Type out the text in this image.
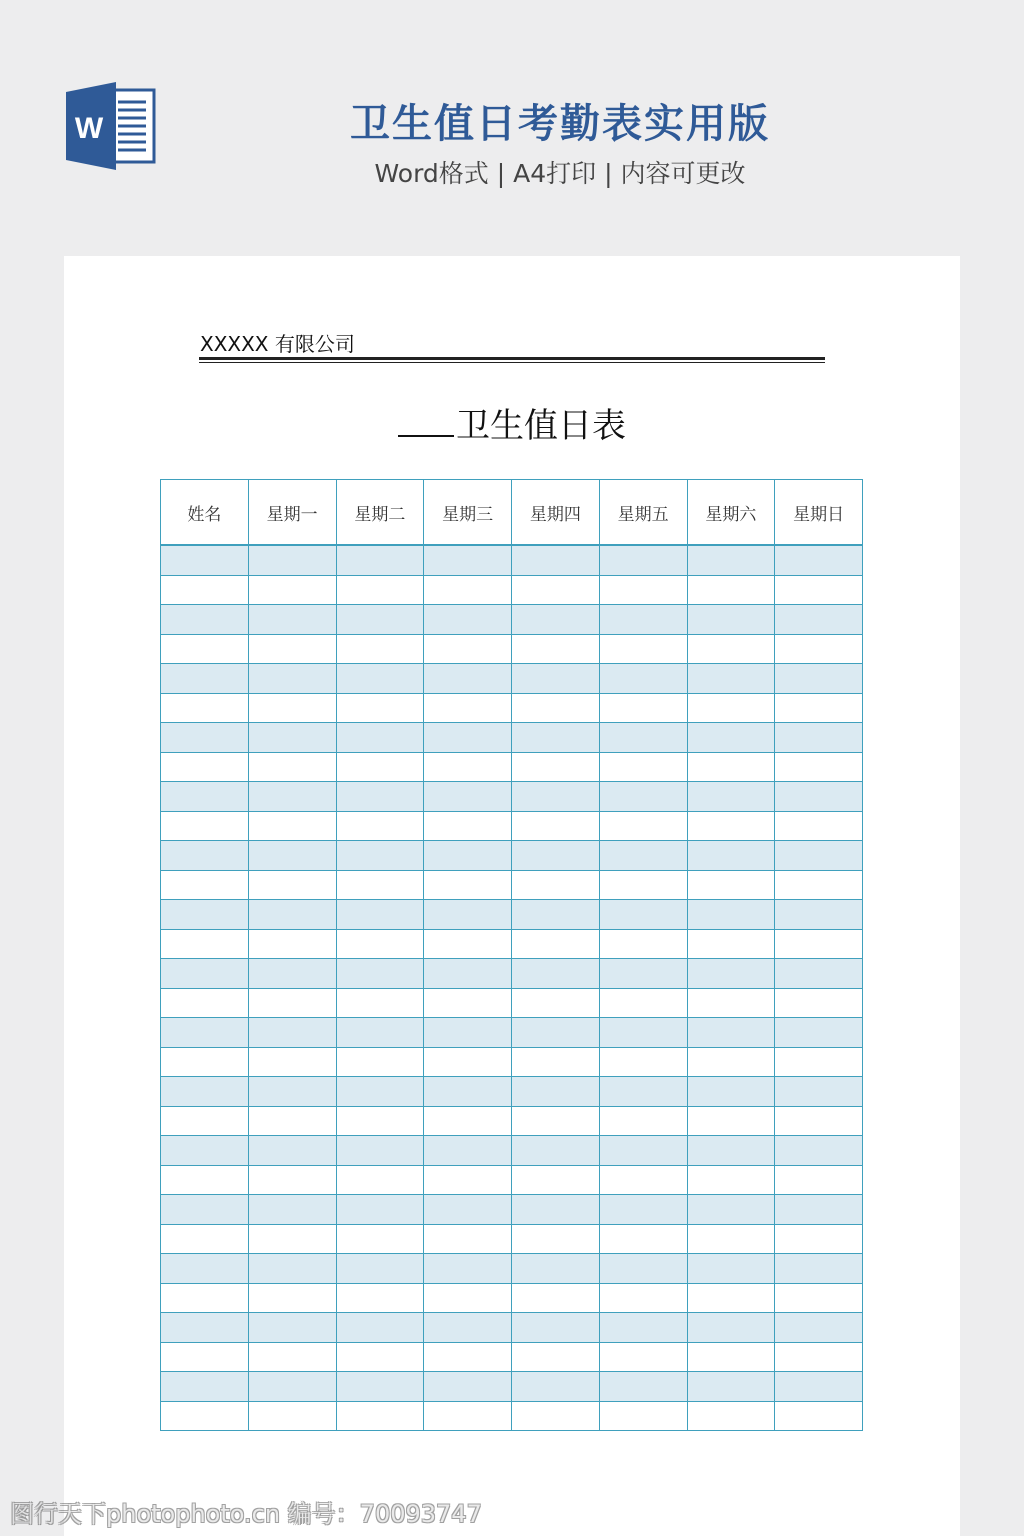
W	卫生值日考勤表实用版
Word格式 | A4打印 | 内容可更改
XXXXX 有限公司
卫生值日表
姓名	星期一	星期二	星期三	星期四	星期五	星期六	星期日

图行天下photophoto.cn 编号：70093747
